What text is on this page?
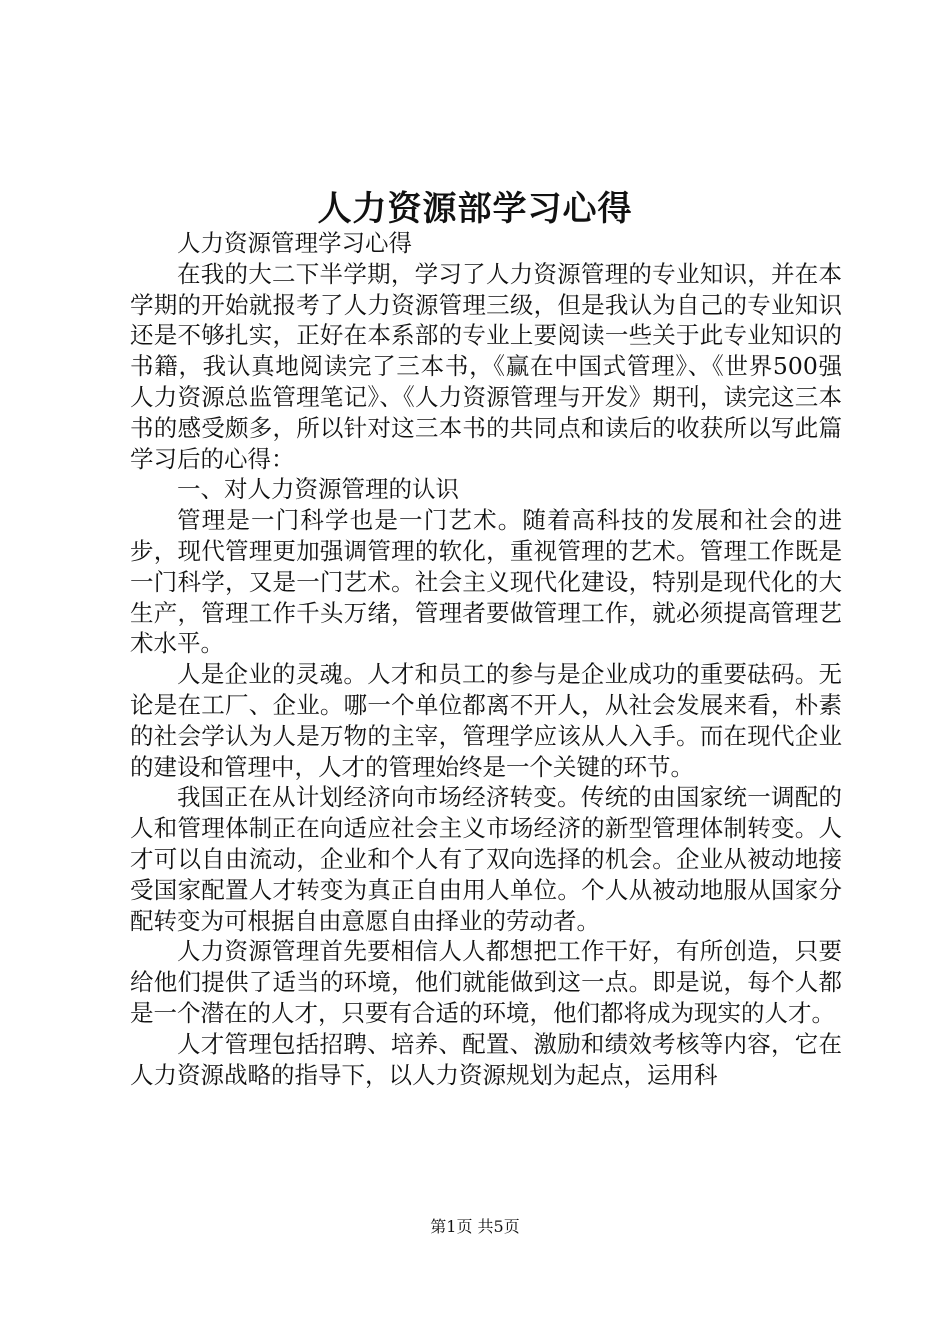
人力资源部学习心得

人力资源管理学习心得

在我的大二下半学期，学习了人力资源管理的专业知识，并在本学期的开始就报考了人力资源管理三级，但是我认为自己的专业知识还是不够扎实，正好在本系部的专业上要阅读一些关于此专业知识的书籍，我认真地阅读完了三本书，《赢在中国式管理》、《世界500强人力资源总监管理笔记》、《人力资源管理与开发》期刊，读完这三本书的感受颇多，所以针对这三本书的共同点和读后的收获所以写此篇学习后的心得：

一、对人力资源管理的认识

管理是一门科学也是一门艺术。随着高科技的发展和社会的进步，现代管理更加强调管理的软化，重视管理的艺术。管理工作既是一门科学，又是一门艺术。社会主义现代化建设，特别是现代化的大生产，管理工作千头万绪，管理者要做管理工作，就必须提高管理艺术水平。

人是企业的灵魂。人才和员工的参与是企业成功的重要砝码。无论是在工厂、企业。哪一个单位都离不开人，从社会发展来看，朴素的社会学认为人是万物的主宰，管理学应该从人入手。而在现代企业的建设和管理中，人才的管理始终是一个关键的环节。

我国正在从计划经济向市场经济转变。传统的由国家统一调配的人和管理体制正在向适应社会主义市场经济的新型管理体制转变。人才可以自由流动，企业和个人有了双向选择的机会。企业从被动地接受国家配置人才转变为真正自由用人单位。个人从被动地服从国家分配转变为可根据自由意愿自由择业的劳动者。

人力资源管理首先要相信人人都想把工作干好，有所创造，只要给他们提供了适当的环境，他们就能做到这一点。即是说，每个人都是一个潜在的人才，只要有合适的环境，他们都将成为现实的人才。

人才管理包括招聘、培养、配置、激励和绩效考核等内容，它在人力资源战略的指导下，以人力资源规划为起点，运用科

第1页 共5页
